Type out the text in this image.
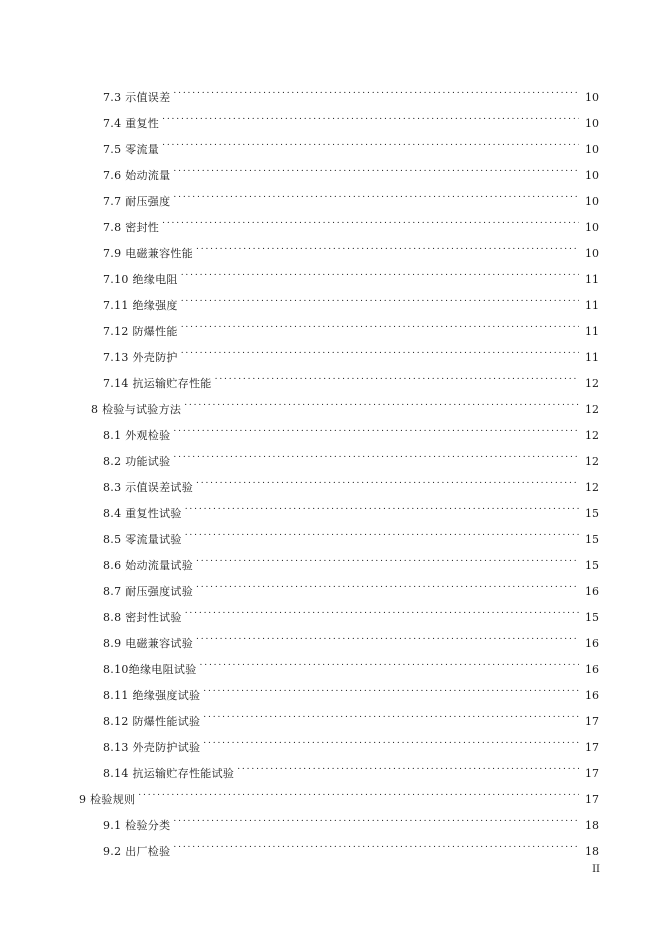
7.3 示值误差 . . .	10
7.4 重复性 . . .	10
7.5 零流量 . . .	10
7.6 始动流量 . . .	10
7.7 耐压强度 . . .	10
7.8 密封性 . . .	10
7.9 电磁兼容性能 . . .	10
7.10 绝缘电阻 . . .	11
7.11 绝缘强度 . . .	11
7.12 防爆性能 . . .	11
7.13 外壳防护 . . .	11
7.14 抗运输贮存性能 . . .	12
8 检验与试验方法 . . .	12
8.1 外观检验 . . .	12
8.2 功能试验 . . .	12
8.3 示值误差试验 . . .	12
8.4 重复性试验 . . .	15
8.5 零流量试验 . . .	15
8.6 始动流量试验 . . .	15
8.7 耐压强度试验 . . .	16
8.8 密封性试验 . . .	15
8.9 电磁兼容试验 . . .	16
8.10绝缘电阻试验 . . .	16
8.11 绝缘强度试验 . . .	16
8.12 防爆性能试验 . . .	17
8.13 外壳防护试验 . . .	17
8.14 抗运输贮存性能试验 . . .	17
9 检验规则 . . .	17
9.1 检验分类 . . .	18
9.2 出厂检验 . . .	18
II
